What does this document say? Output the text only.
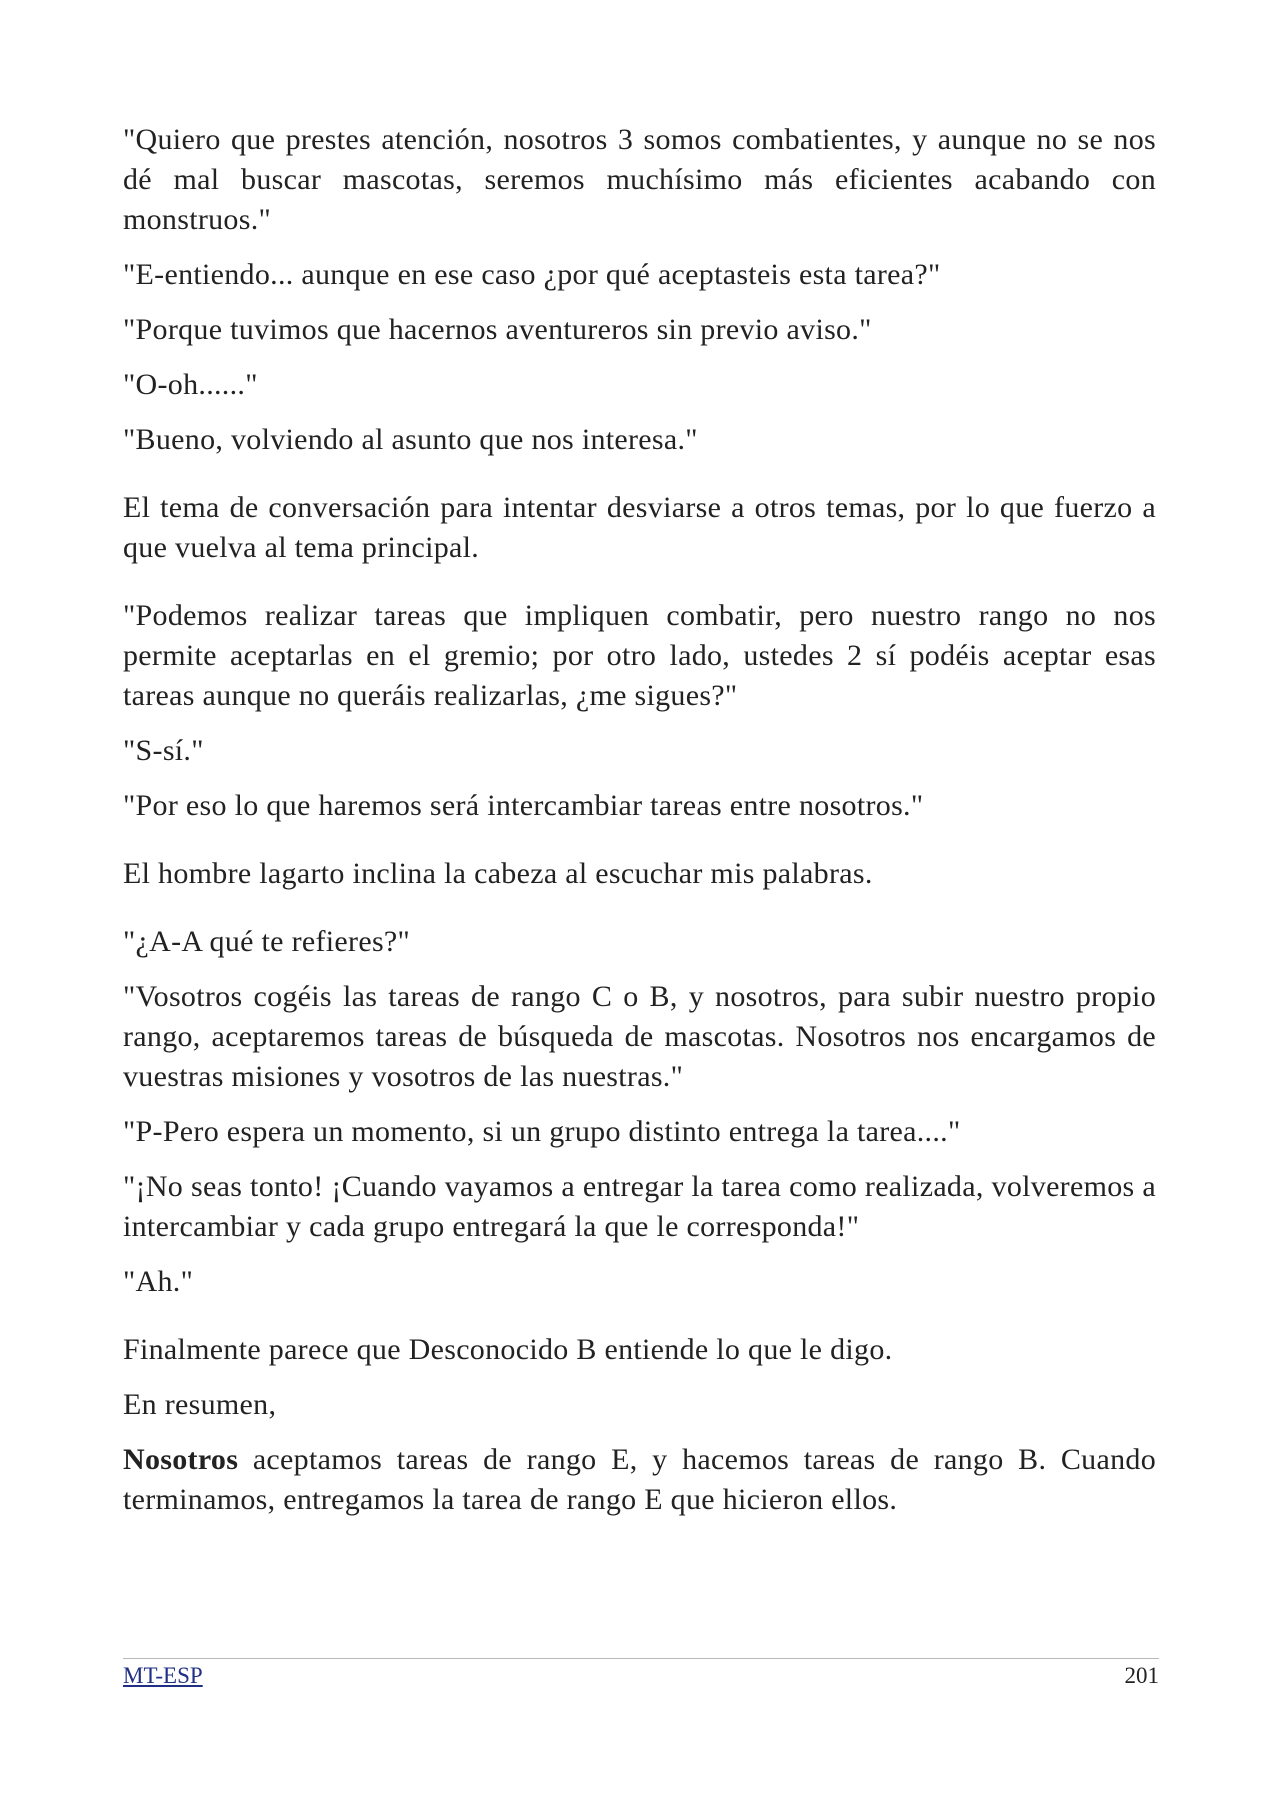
"Quiero que prestes atención, nosotros 3 somos combatientes, y aunque no se nos dé mal buscar mascotas, seremos muchísimo más eficientes acabando con monstruos."

"E-entiendo... aunque en ese caso ¿por qué aceptasteis esta tarea?"

"Porque tuvimos que hacernos aventureros sin previo aviso."

"O-oh......"

"Bueno, volviendo al asunto que nos interesa."

El tema de conversación para intentar desviarse a otros temas, por lo que fuerzo a que vuelva al tema principal.

"Podemos realizar tareas que impliquen combatir, pero nuestro rango no nos permite aceptarlas en el gremio; por otro lado, ustedes 2 sí podéis aceptar esas tareas aunque no queráis realizarlas, ¿me sigues?"

"S-sí."

"Por eso lo que haremos será intercambiar tareas entre nosotros."

El hombre lagarto inclina la cabeza al escuchar mis palabras.

"¿A-A qué te refieres?"

"Vosotros cogéis las tareas de rango C o B, y nosotros, para subir nuestro propio rango, aceptaremos tareas de búsqueda de mascotas. Nosotros nos encargamos de vuestras misiones y vosotros de las nuestras."

"P-Pero espera un momento, si un grupo distinto entrega la tarea...."

"¡No seas tonto! ¡Cuando vayamos a entregar la tarea como realizada, volveremos a intercambiar y cada grupo entregará la que le corresponda!"

"Ah."

Finalmente parece que Desconocido B entiende lo que le digo.

En resumen,

Nosotros aceptamos tareas de rango E, y hacemos tareas de rango B. Cuando terminamos, entregamos la tarea de rango E que hicieron ellos.

MT-ESP	201
